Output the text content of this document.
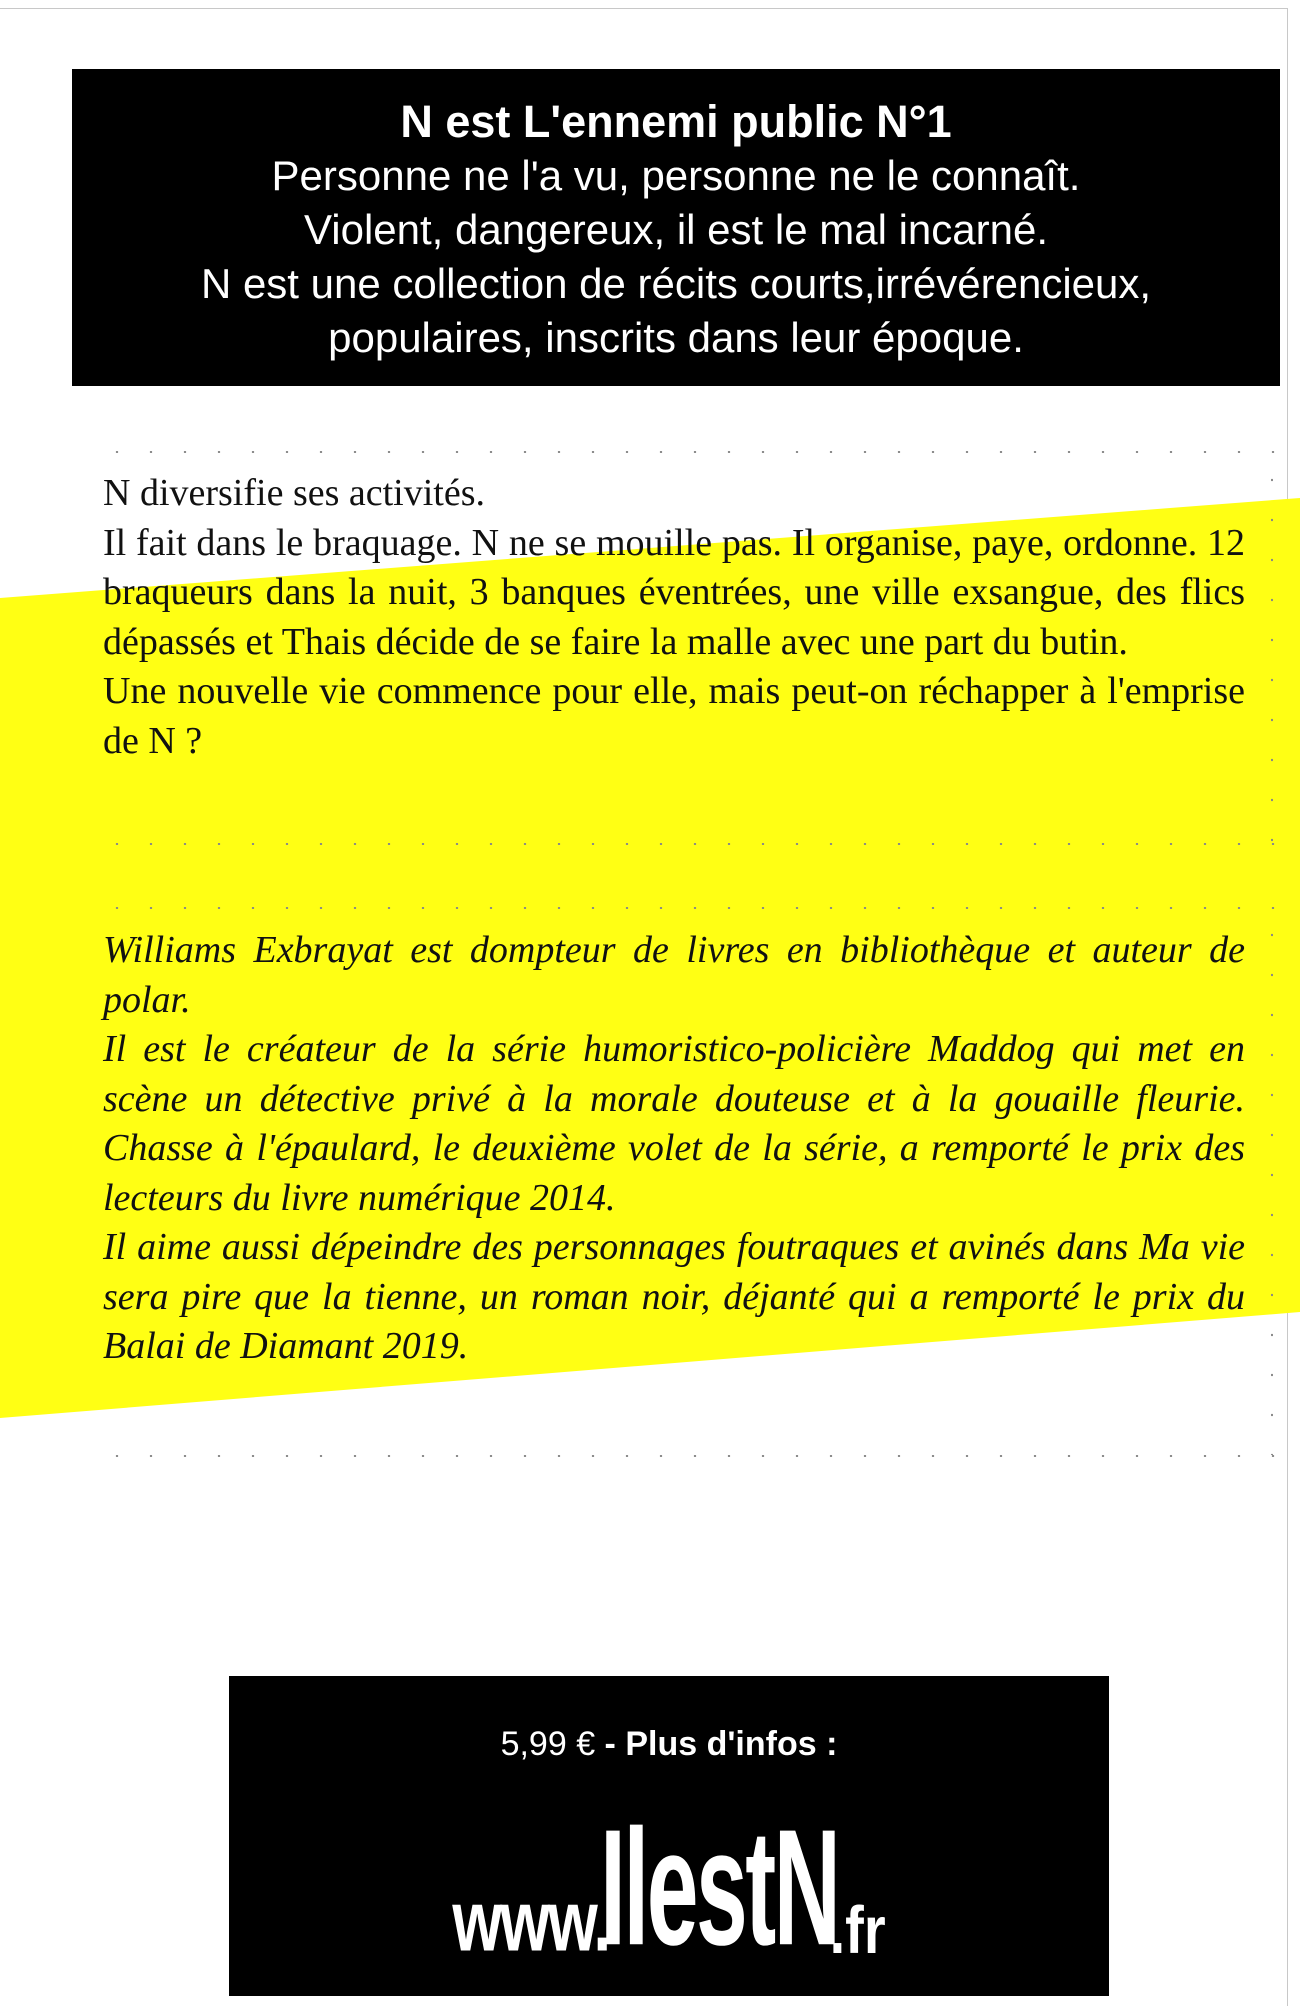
N est L'ennemi public N°1
Personne ne l'a vu, personne ne le connaît.
Violent, dangereux, il est le mal incarné.
N est une collection de récits courts,irrévérencieux,
populaires, inscrits dans leur époque.

N diversifie ses activités.

Il fait dans le braquage. N ne se mouille pas. Il organise, paye, ordonne. 12 braqueurs dans la nuit, 3 banques éventrées, une ville exsangue, des flics dépassés et Thais décide de se faire la malle avec une part du butin.

Une nouvelle vie commence pour elle, mais peut-on réchapper à l'emprise de N ?

Williams Exbrayat est dompteur de livres en bibliothèque et auteur de polar.

Il est le créateur de la série humoristico-policière Maddog qui met en scène un détective privé à la morale douteuse et à la gouaille fleurie. Chasse à l'épaulard, le deuxième volet de la série, a remporté le prix des lecteurs du livre numérique 2014.

Il aime aussi dépeindre des personnages foutraques et avinés dans Ma vie sera pire que la tienne, un roman noir, déjanté qui a remporté le prix du Balai de Diamant 2019.

5,99 € - Plus d'infos :
www.
IlestN
.fr
